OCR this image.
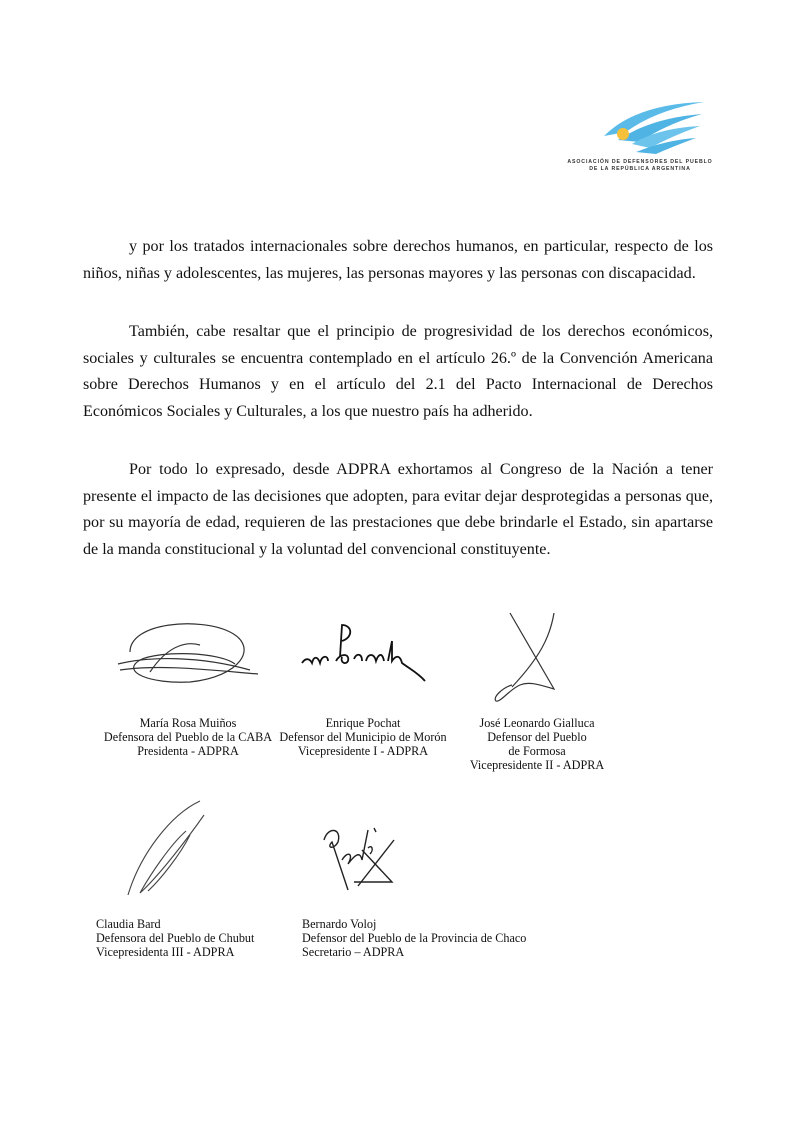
ASOCIACIÓN DE DEFENSORES DEL PUEBLO
DE LA REPÚBLICA ARGENTINA

y por los tratados internacionales sobre derechos humanos, en particular, respecto de los niños, niñas y adolescentes, las mujeres, las personas mayores y las personas con discapacidad.

También, cabe resaltar que el principio de progresividad de los derechos económicos, sociales y culturales se encuentra contemplado en el artículo 26.º de la Convención Americana sobre Derechos Humanos y en el artículo del 2.1 del Pacto Internacional de Derechos Económicos Sociales y Culturales, a los que nuestro país ha adherido.

Por todo lo expresado, desde ADPRA exhortamos al Congreso de la Nación a tener presente el impacto de las decisiones que adopten, para evitar dejar desprotegidas a personas que, por su mayoría de edad, requieren de las prestaciones que debe brindarle el Estado, sin apartarse de la manda constitucional y la voluntad del convencional constituyente.

María Rosa Muiños
Defensora del Pueblo de la CABA
Presidenta - ADPRA
Enrique Pochat
Defensor del Municipio de Morón
Vicepresidente I - ADPRA
José Leonardo Gialluca
Defensor del Pueblo
de Formosa
Vicepresidente II - ADPRA
Claudia Bard
Defensora del Pueblo de Chubut
Vicepresidenta III - ADPRA
Bernardo Voloj
Defensor del Pueblo de la Provincia de Chaco
Secretario – ADPRA
